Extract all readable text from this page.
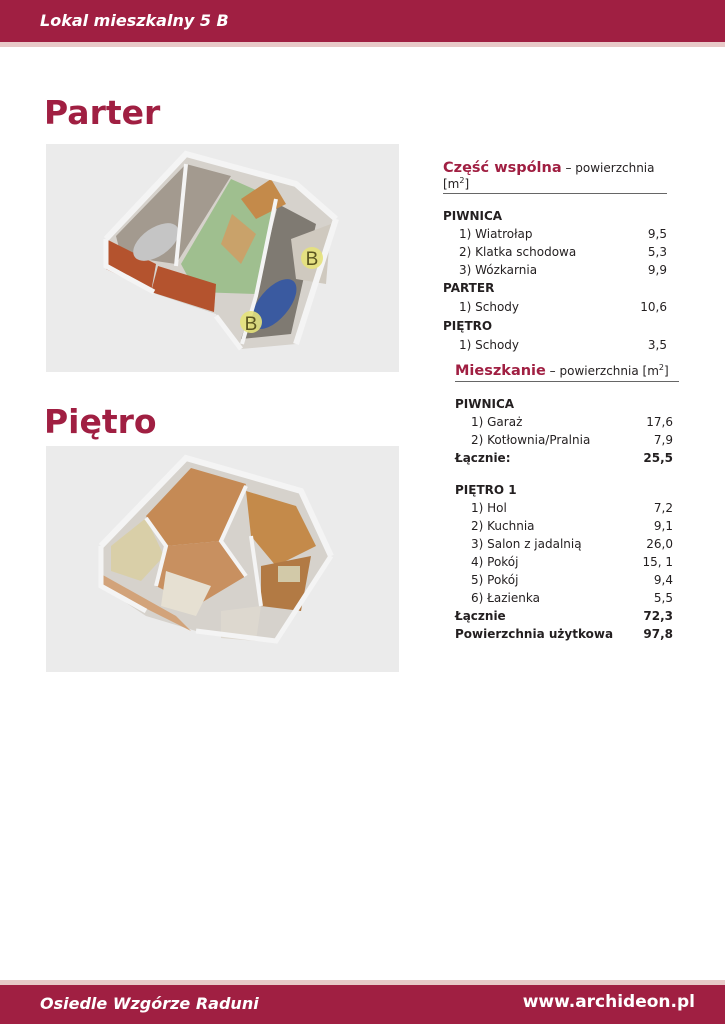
Lokal mieszkalny 5 B
Parter
B
B
Piętro
Część wspólna – powierzchnia $[m^2]$
PIWNICA
1) Wiatrołap	9,5
2) Klatka schodowa	5,3
3) Wózkarnia	9,9
PARTER
1) Schody	10,6
PIĘTRO
1) Schody	3,5
Mieszkanie – powierzchnia $[m^2]$
PIWNICA
1) Garaż	17,6
2) Kotłownia/Pralnia	7,9
Łącznie:	25,5
PIĘTRO 1
1) Hol	7,2
2) Kuchnia	9,1
3) Salon z jadalnią	26,0
4) Pokój	15, 1
5) Pokój	9,4
6) Łazienka	5,5
Łącznie	72,3
Powierzchnia użytkowa	97,8
Osiedle Wzgórze Raduni	www.archideon.pl
